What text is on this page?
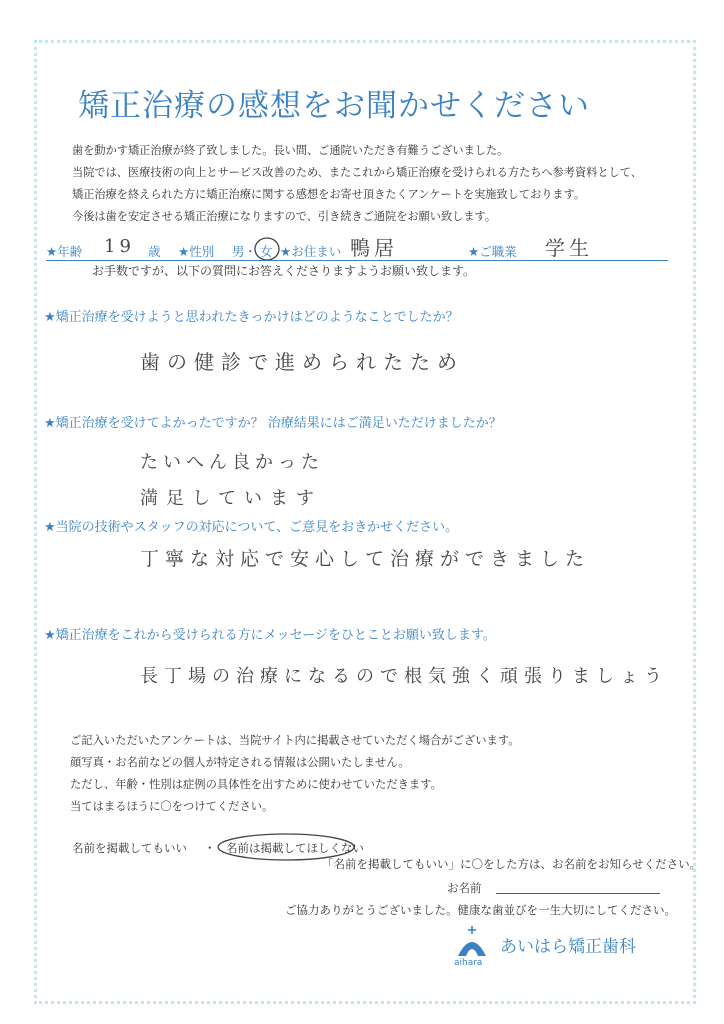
矯正治療の感想をお聞かせください
歯を動かす矯正治療が終了致しました。長い間、ご通院いただき有難うございました。
当院では、医療技術の向上とサービス改善のため、またこれから矯正治療を受けられる方たちへ参考資料として、
矯正治療を終えられた方に矯正治療に関する感想をお寄せ頂きたくアンケートを実施致しております。
今後は歯を安定させる矯正治療になりますので、引き続きご通院をお願い致します。
★年齢 19 歳 ★性別 男 ・ 女 ★お住まい 鴨居	★ご職業 学生
お手数ですが、以下の質問にお答えくださりますようお願い致します。
★矯正治療を受けようと思われたきっかけはどのようなことでしたか？
歯の健診で進められたため
★矯正治療を受けてよかったですか？ 治療結果にはご満足いただけましたか？
たいへん良かった
満足しています
★当院の技術やスタッフの対応について、ご意見をおきかせください。
丁寧な対応で安心して治療ができました
★矯正治療をこれから受けられる方にメッセージをひとことお願い致します。
長丁場の治療になるので根気強く頑張りましょう
ご記入いただいたアンケートは、当院サイト内に掲載させていただく場合がございます。
顔写真・お名前などの個人が特定される情報は公開いたしません。
ただし、年齢・性別は症例の具体性を出すために使わせていただきます。
当てはまるほうに〇をつけてください。
名前を掲載してもいい ・ 名前は掲載してほしくない
「名前を掲載してもいい」に〇をした方は、お名前をお知らせください。
お名前
ご協力ありがとうございました。健康な歯並びを一生大切にしてください。
あいはら矯正歯科
aihara
